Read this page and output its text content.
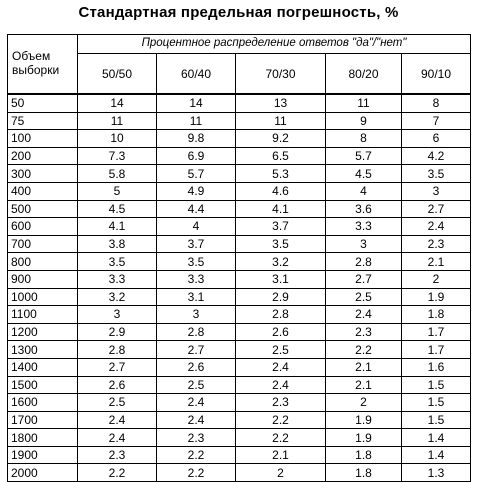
Стандартная предельная погрешность, %
Объем выборки	Процентное распределение ответов "да"/"нет"				
	50/50	60/40	70/30	80/20	90/10
50	14	14	13	11	8
75	11	11	11	9	7
100	10	9.8	9.2	8	6
200	7.3	6.9	6.5	5.7	4.2
300	5.8	5.7	5.3	4.5	3.5
400	5	4.9	4.6	4	3
500	4.5	4.4	4.1	3.6	2.7
600	4.1	4	3.7	3.3	2.4
700	3.8	3.7	3.5	3	2.3
800	3.5	3.5	3.2	2.8	2.1
900	3.3	3.3	3.1	2.7	2
1000	3.2	3.1	2.9	2.5	1.9
1100	3	3	2.8	2.4	1.8
1200	2.9	2.8	2.6	2.3	1.7
1300	2.8	2.7	2.5	2.2	1.7
1400	2.7	2.6	2.4	2.1	1.6
1500	2.6	2.5	2.4	2.1	1.5
1600	2.5	2.4	2.3	2	1.5
1700	2.4	2.4	2.2	1.9	1.5
1800	2.4	2.3	2.2	1.9	1.4
1900	2.3	2.2	2.1	1.8	1.4
2000	2.2	2.2	2	1.8	1.3
